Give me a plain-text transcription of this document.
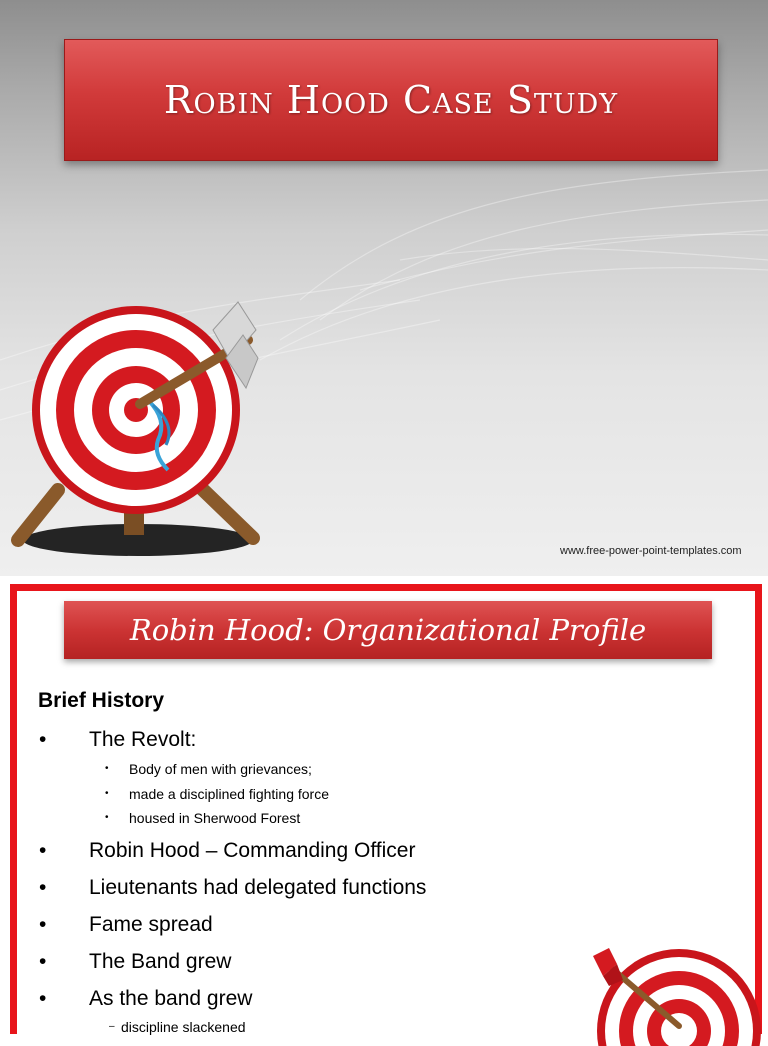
Robin Hood Case Study
www.free-power-point-templates.com
Robin Hood: Organizational Profile
Brief History
• The Revolt:
• Body of men with grievances;
• made a disciplined fighting force
• housed in Sherwood Forest
• Robin Hood – Commanding Officer
• Lieutenants had delegated functions
• Fame spread
• The Band grew
• As the band grew
– discipline slackened
